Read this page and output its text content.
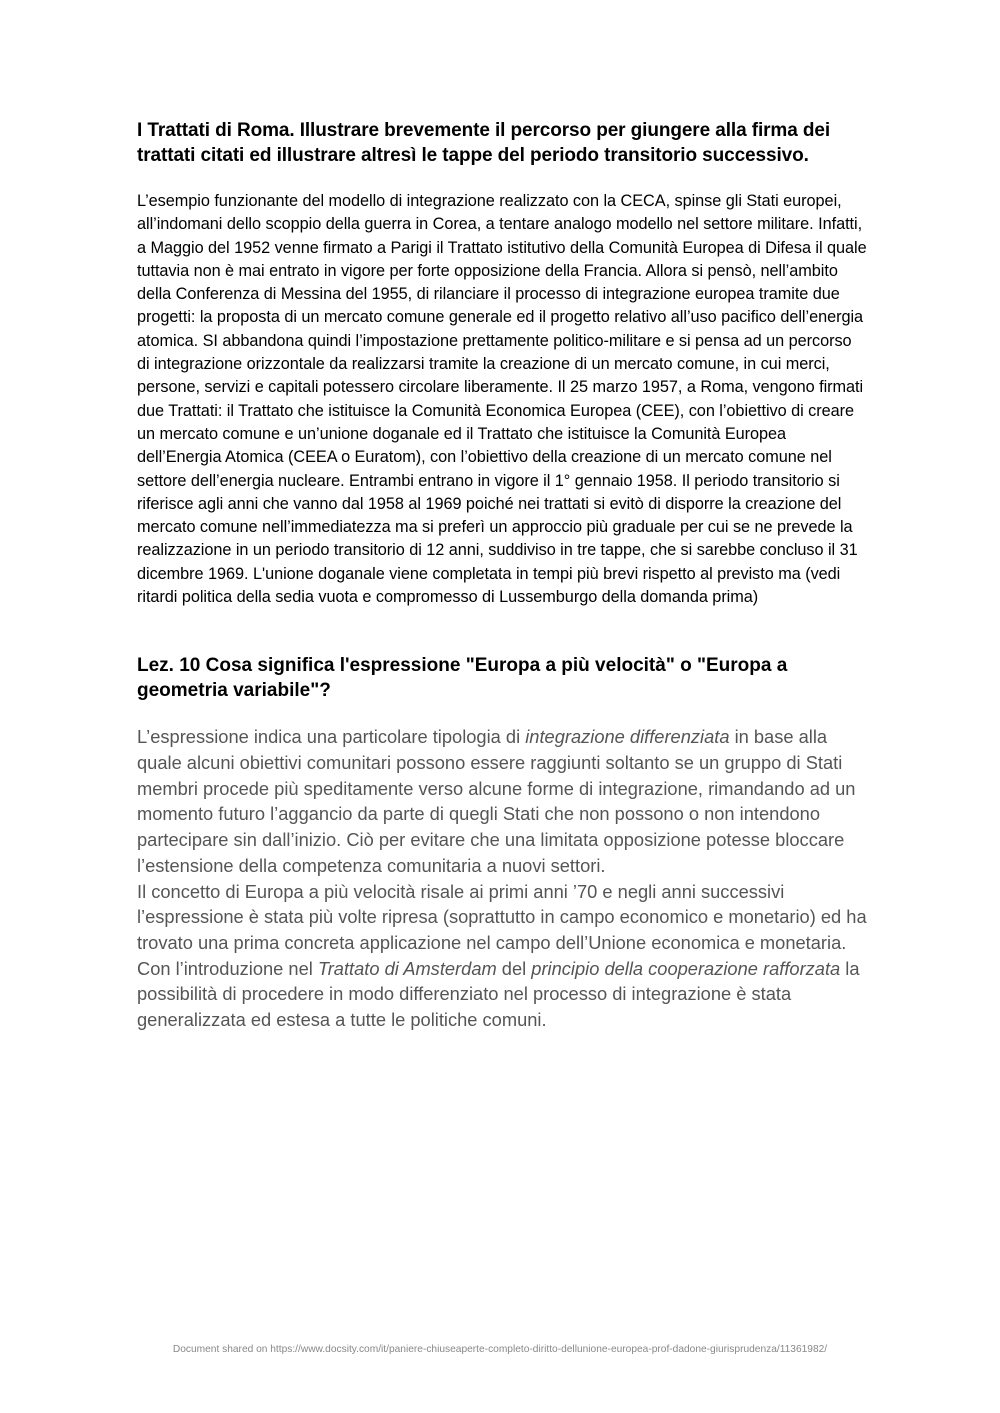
I Trattati di Roma. Illustrare brevemente il percorso per giungere alla firma dei trattati citati ed illustrare altresì le tappe del periodo transitorio successivo.

L’esempio funzionante del modello di integrazione realizzato con la CECA, spinse gli Stati europei, all’indomani dello scoppio della guerra in Corea, a tentare analogo modello nel settore militare. Infatti, a Maggio del 1952 venne firmato a Parigi il Trattato istitutivo della Comunità Europea di Difesa il quale tuttavia non è mai entrato in vigore per forte opposizione della Francia. Allora si pensò, nell’ambito della Conferenza di Messina del 1955, di rilanciare il processo di integrazione europea tramite due progetti: la proposta di un mercato comune generale ed il progetto relativo all’uso pacifico dell’energia atomica. SI abbandona quindi l’impostazione prettamente politico-militare e si pensa ad un percorso di integrazione orizzontale da realizzarsi tramite la creazione di un mercato comune, in cui merci, persone, servizi e capitali potessero circolare liberamente. Il 25 marzo 1957, a Roma, vengono firmati due Trattati: il Trattato che istituisce la Comunità Economica Europea (CEE), con l’obiettivo di creare un mercato comune e un’unione doganale ed il Trattato che istituisce la Comunità Europea dell’Energia Atomica (CEEA o Euratom), con l’obiettivo della creazione di un mercato comune nel settore dell’energia nucleare. Entrambi entrano in vigore il 1° gennaio 1958. Il periodo transitorio si riferisce agli anni che vanno dal 1958 al 1969 poiché nei trattati si evitò di disporre la creazione del mercato comune nell’immediatezza ma si preferì un approccio più graduale per cui se ne prevede la realizzazione in un periodo transitorio di 12 anni, suddiviso in tre tappe, che si sarebbe concluso il 31 dicembre 1969. L'unione doganale viene completata in tempi più brevi rispetto al previsto ma (vedi ritardi politica della sedia vuota e compromesso di Lussemburgo della domanda prima)

Lez. 10 Cosa significa l'espressione "Europa a più velocità" o "Europa a geometria variabile"?

L’espressione indica una particolare tipologia di integrazione differenziata in base alla quale alcuni obiettivi comunitari possono essere raggiunti soltanto se un gruppo di Stati membri procede più speditamente verso alcune forme di integrazione, rimandando ad un momento futuro l’aggancio da parte di quegli Stati che non possono o non intendono partecipare sin dall’inizio. Ciò per evitare che una limitata opposizione potesse bloccare l’estensione della competenza comunitaria a nuovi settori.

Il concetto di Europa a più velocità risale ai primi anni ’70 e negli anni successivi l’espressione è stata più volte ripresa (soprattutto in campo economico e monetario) ed ha trovato una prima concreta applicazione nel campo dell’Unione economica e monetaria.

Con l’introduzione nel Trattato di Amsterdam del principio della cooperazione rafforzata la possibilità di procedere in modo differenziato nel processo di integrazione è stata generalizzata ed estesa a tutte le politiche comuni.

Document shared on https://www.docsity.com/it/paniere-chiuseaperte-completo-diritto-dellunione-europea-prof-dadone-giurisprudenza/11361982/
